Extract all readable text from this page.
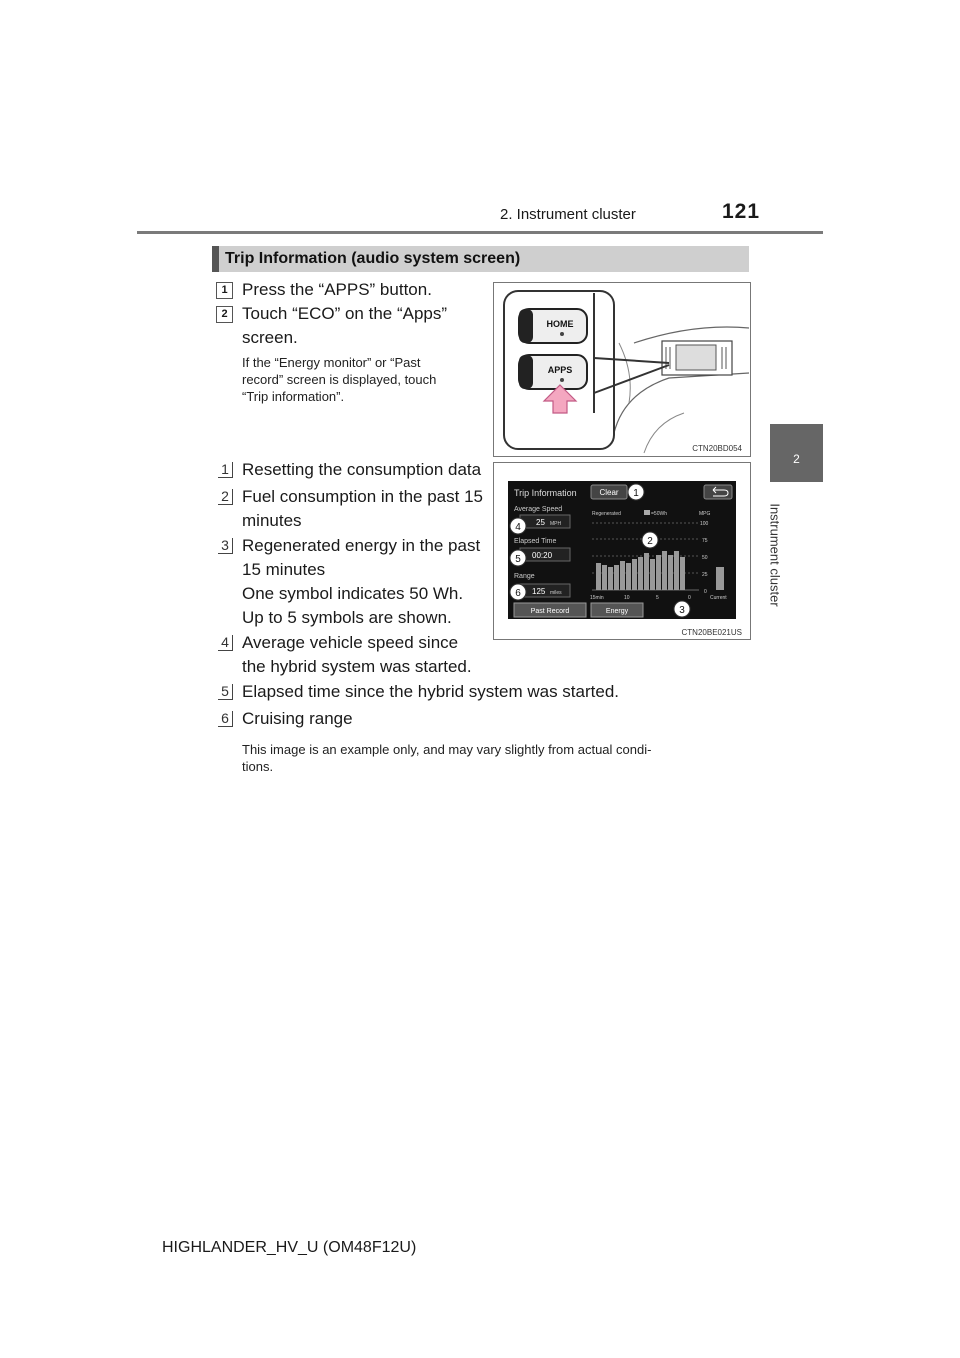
2. Instrument cluster	121
2
Instrument cluster
Trip Information (audio system screen)
1 Press the “APPS” button.
2 Touch “ECO” on the “Apps”
screen.
If the “Energy monitor” or “Past
record” screen is displayed, touch
“Trip information”.
HOME
APPS
CTN20BD054
Trip Information	Clear
Average Speed
25 MPH
Elapsed Time
00:20
Range
125 miles
Regenerated	=50Wh	MPG
100
75
50
25
0
15min	10	5	0	Current
Past Record	Energy
1
2
3
4
5
6
CTN20BE021US
1 Resetting the consumption data
2 Fuel consumption in the past 15
minutes
3 Regenerated energy in the past
15 minutes
One symbol indicates 50 Wh.
Up to 5 symbols are shown.
4 Average vehicle speed since
the hybrid system was started.
5 Elapsed time since the hybrid system was started.
6 Cruising range
This image is an example only, and may vary slightly from actual condi-
tions.
HIGHLANDER_HV_U (OM48F12U)
